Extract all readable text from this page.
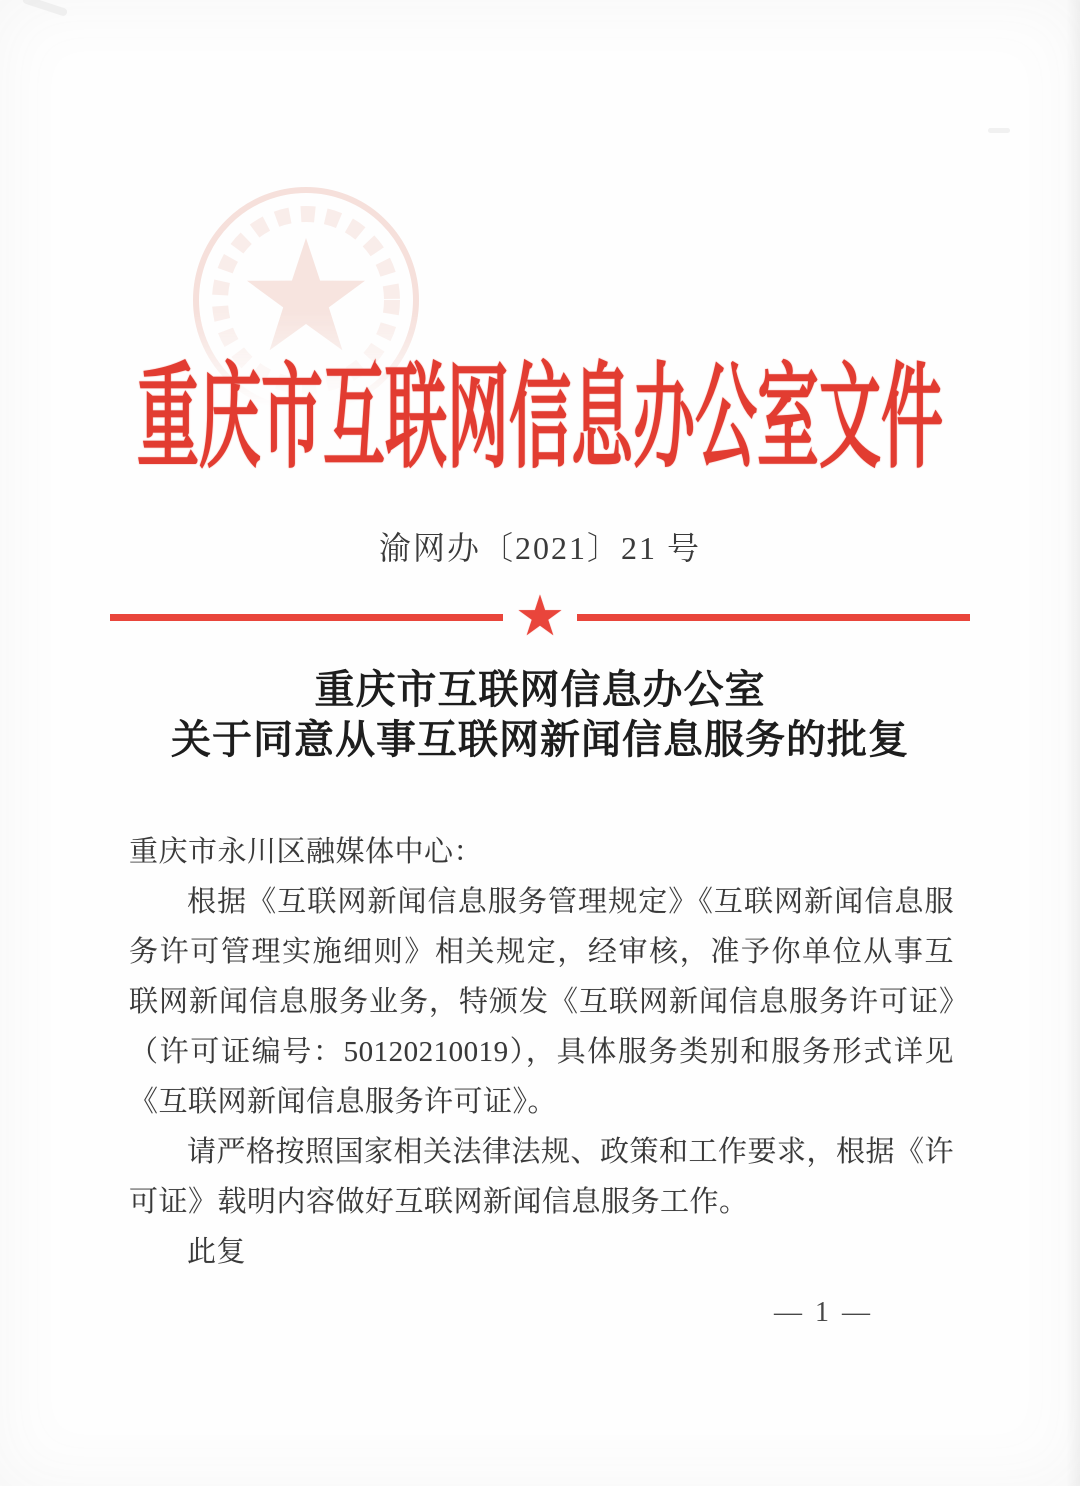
重庆市互联网信息办公室文件
渝网办〔2021〕21 号
★
重庆市互联网信息办公室
关于同意从事互联网新闻信息服务的批复

重庆市永川区融媒体中心：

根据《互联网新闻信息服务管理规定》《互联网新闻信息服务许可管理实施细则》相关规定，经审核，准予你单位从事互联网新闻信息服务业务，特颁发《互联网新闻信息服务许可证》（许可证编号：50120210019），具体服务类别和服务形式详见《互联网新闻信息服务许可证》。

请严格按照国家相关法律法规、政策和工作要求，根据《许可证》载明内容做好互联网新闻信息服务工作。

此复

— 1 —
